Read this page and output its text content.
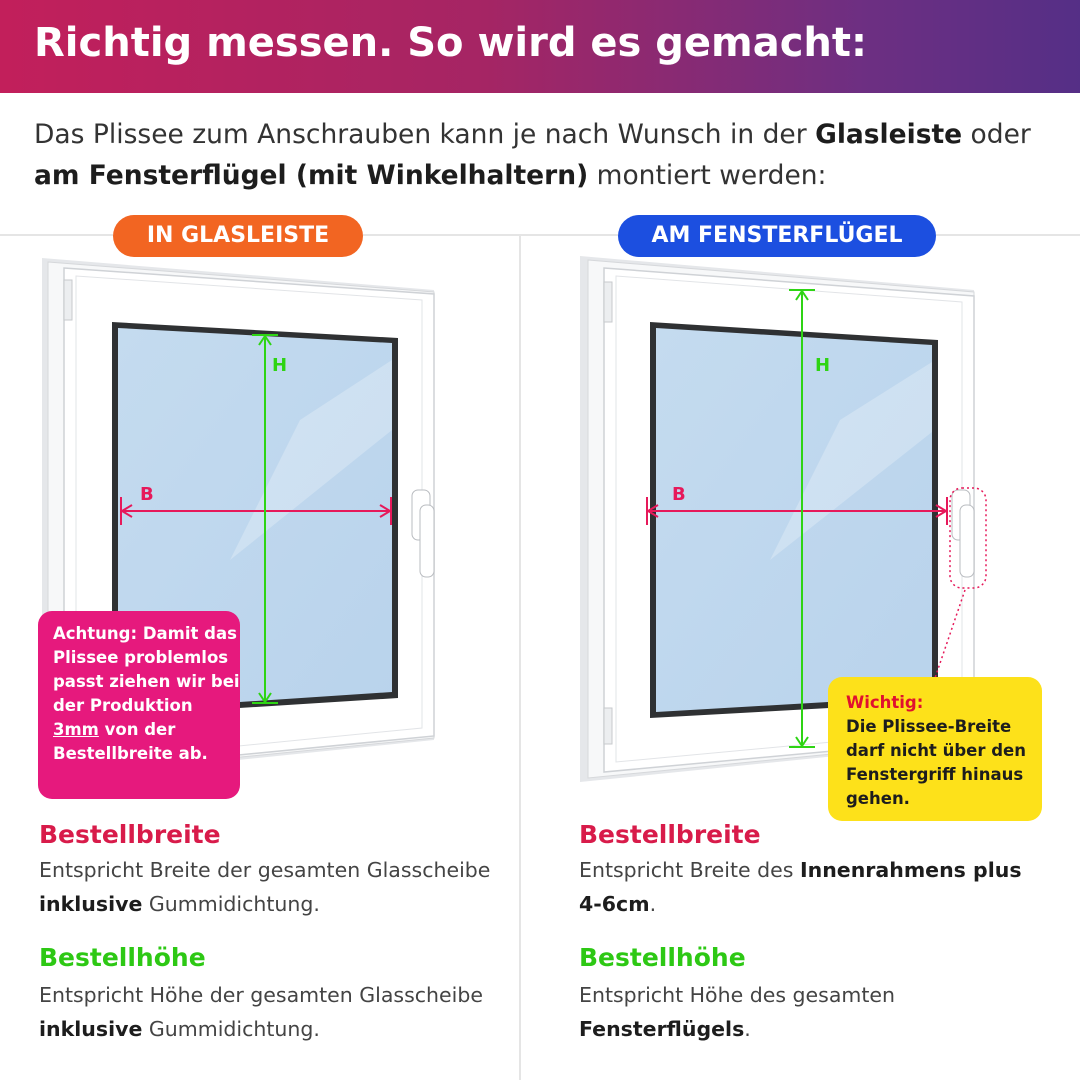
Richtig messen. So wird es gemacht:
Das Plissee zum Anschrauben kann je nach Wunsch in der Glasleiste oder am Fensterflügel (mit Winkelhaltern) montiert werden:
IN GLASLEISTE	AM FENSTERFLÜGEL
H
B
H
B
Achtung: Damit das Plissee problemlos passt ziehen wir bei der Produktion 3mm von der Bestellbreite ab.
Wichtig:
Die Plissee-Breite darf nicht über den Fenstergriff hinaus gehen.
Bestellbreite
Entspricht Breite der gesamten Glasscheibe inklusive Gummidichtung.
Bestellhöhe
Entspricht Höhe der gesamten Glasscheibe inklusive Gummidichtung.
Bestellbreite
Entspricht Breite des Innenrahmens plus 4-6cm.
Bestellhöhe
Entspricht Höhe des gesamten Fensterflügels.
